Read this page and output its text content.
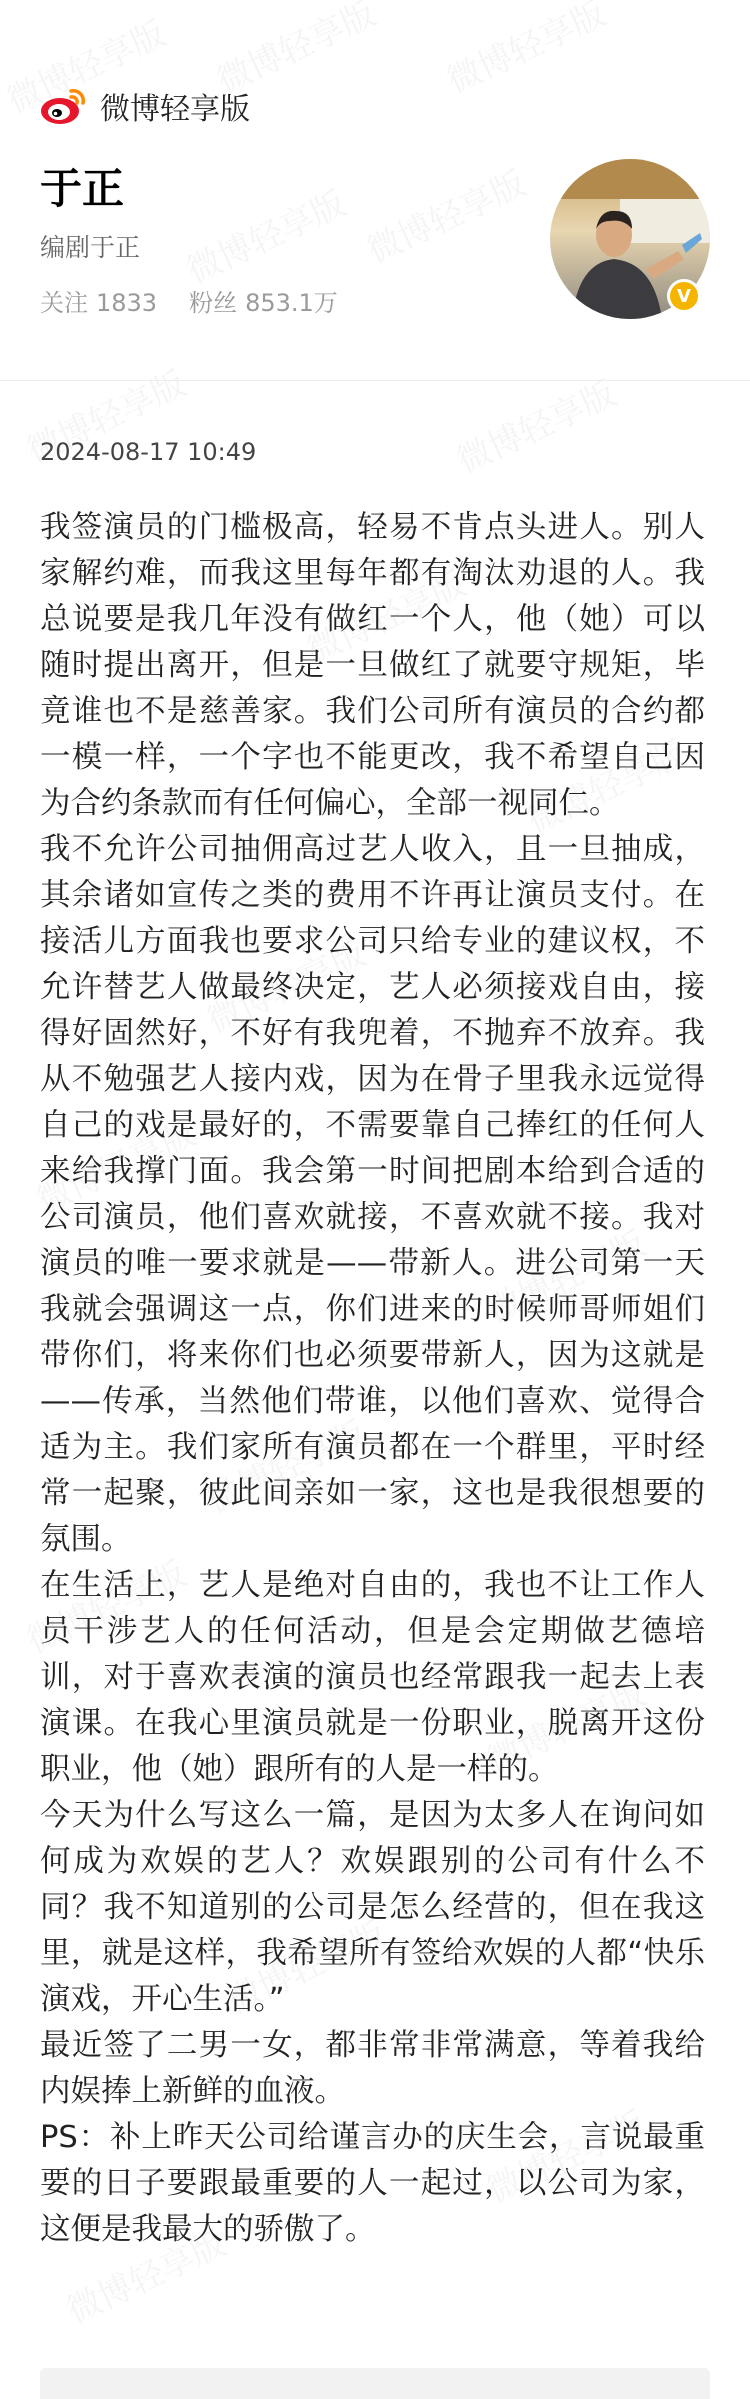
微博轻享版
于正
编剧于正
关注 1833 粉丝 853.1万	V
2024-08-17 10:49

我签演员的门槛极高，轻易不肯点头进人。别人家解约难，而我这里每年都有淘汰劝退的人。我总说要是我几年没有做红一个人，他（她）可以随时提出离开，但是一旦做红了就要守规矩，毕竟谁也不是慈善家。我们公司所有演员的合约都一模一样，一个字也不能更改，我不希望自己因为合约条款而有任何偏心，全部一视同仁。

我不允许公司抽佣高过艺人收入，且一旦抽成，其余诸如宣传之类的费用不许再让演员支付。在接活儿方面我也要求公司只给专业的建议权，不允许替艺人做最终决定，艺人必须接戏自由，接得好固然好，不好有我兜着，不抛弃不放弃。我从不勉强艺人接内戏，因为在骨子里我永远觉得自己的戏是最好的，不需要靠自己捧红的任何人来给我撑门面。我会第一时间把剧本给到合适的公司演员，他们喜欢就接，不喜欢就不接。我对演员的唯一要求就是——带新人。进公司第一天我就会强调这一点，你们进来的时候师哥师姐们带你们，将来你们也必须要带新人，因为这就是——传承，当然他们带谁，以他们喜欢、觉得合适为主。我们家所有演员都在一个群里，平时经常一起聚，彼此间亲如一家，这也是我很想要的氛围。

在生活上，艺人是绝对自由的，我也不让工作人员干涉艺人的任何活动，但是会定期做艺德培训，对于喜欢表演的演员也经常跟我一起去上表演课。在我心里演员就是一份职业，脱离开这份职业，他（她）跟所有的人是一样的。

今天为什么写这么一篇，是因为太多人在询问如何成为欢娱的艺人？欢娱跟别的公司有什么不同？我不知道别的公司是怎么经营的，但在我这里，就是这样，我希望所有签给欢娱的人都“快乐演戏，开心生活。”

最近签了二男一女，都非常非常满意，等着我给内娱捧上新鲜的血液。

PS：补上昨天公司给谨言办的庆生会，言说最重要的日子要跟最重要的人一起过，以公司为家，这便是我最大的骄傲了。
